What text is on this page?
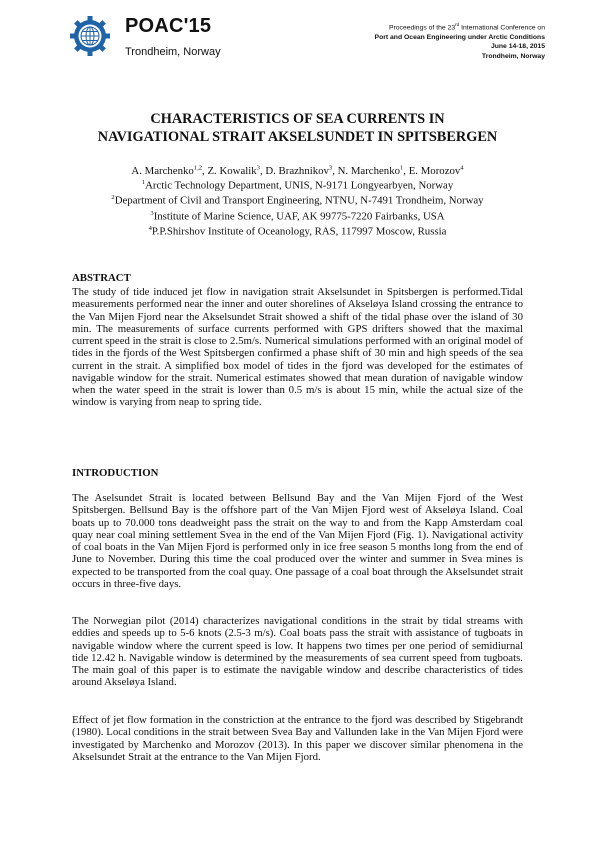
POAC'15
Trondheim, Norway
Proceedings of the 23rd International Conference on
Port and Ocean Engineering under Arctic Conditions
June 14-18, 2015
Trondheim, Norway
CHARACTERISTICS OF SEA CURRENTS IN
NAVIGATIONAL STRAIT AKSELSUNDET IN SPITSBERGEN
A. Marchenko$^{1,2}$, Z. Kowalik$^3$, D. Brazhnikov$^3$, N. Marchenko$^1$, E. Morozov$^4$
$^1$Arctic Technology Department, UNIS, N-9171 Longyearbyen, Norway
$^2$Department of Civil and Transport Engineering, NTNU, N-7491 Trondheim, Norway
$^3$Institute of Marine Science, UAF, AK 99775-7220 Fairbanks, USA
$^4$P.P.Shirshov Institute of Oceanology, RAS, 117997 Moscow, Russia
ABSTRACT

The study of tide induced jet flow in navigation strait Akselsundet in Spitsbergen is performed.Tidal measurements performed near the inner and outer shorelines of Akseløya Island crossing the entrance to the Van Mijen Fjord near the Akselsundet Strait showed a shift of the tidal phase over the island of 30 min. The measurements of surface currents performed with GPS drifters showed that the maximal current speed in the strait is close to 2.5m/s. Numerical simulations performed with an original model of tides in the fjords of the West Spitsbergen confirmed a phase shift of 30 min and high speeds of the sea current in the strait. A simplified box model of tides in the fjord was developed for the estimates of navigable window for the strait. Numerical estimates showed that mean duration of navigable window when the water speed in the strait is lower than 0.5 m/s is about 15 min, while the actual size of the window is varying from neap to spring tide.

INTRODUCTION

The Aselsundet Strait is located between Bellsund Bay and the Van Mijen Fjord of the West Spitsbergen. Bellsund Bay is the offshore part of the Van Mijen Fjord west of Akseløya Island. Coal boats up to 70.000 tons deadweight pass the strait on the way to and from the Kapp Amsterdam coal quay near coal mining settlement Svea in the end of the Van Mijen Fjord (Fig. 1). Navigational activity of coal boats in the Van Mijen Fjord is performed only in ice free season 5 months long from the end of June to November. During this time the coal produced over the winter and summer in Svea mines is expected to be transported from the coal quay. One passage of a coal boat through the Akselsundet strait occurs in three-five days.

The Norwegian pilot (2014) characterizes navigational conditions in the strait by tidal streams with eddies and speeds up to 5-6 knots (2.5-3 m/s). Coal boats pass the strait with assistance of tugboats in navigable window where the current speed is low. It happens two times per one period of semidiurnal tide 12.42 h. Navigable window is determined by the measurements of sea current speed from tugboats. The main goal of this paper is to estimate the navigable window and describe characteristics of tides around Akseløya Island.

Effect of jet flow formation in the constriction at the entrance to the fjord was described by Stigebrandt (1980). Local conditions in the strait between Svea Bay and Vallunden lake in the Van Mijen Fjord were investigated by Marchenko and Morozov (2013). In this paper we discover similar phenomena in the Akselsundet Strait at the entrance to the Van Mijen Fjord.
